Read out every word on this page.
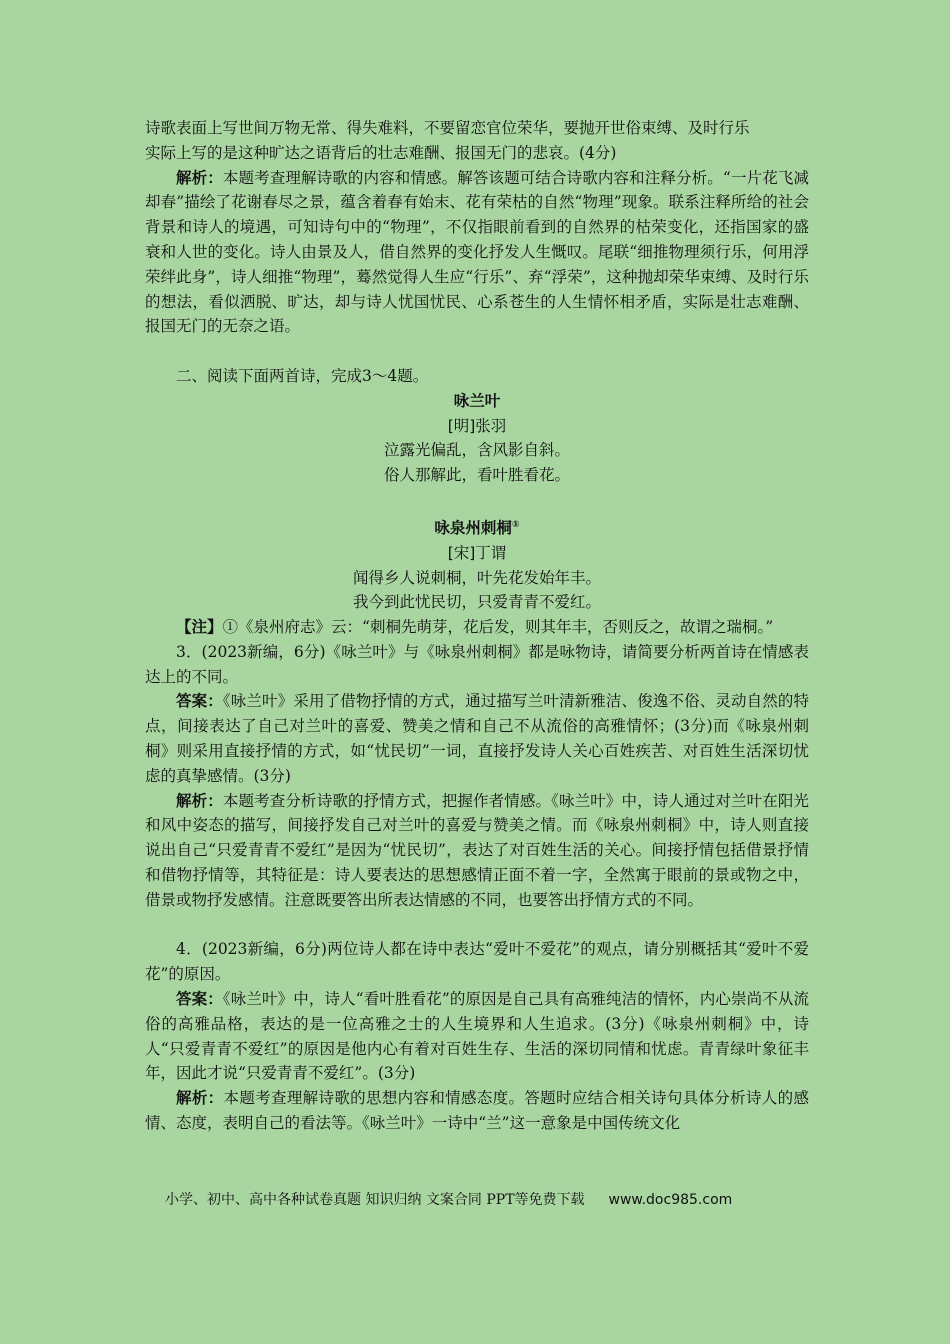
诗歌表面上写世间万物无常、得失难料，不要留恋官位荣华，要抛开世俗束缚、及时行乐

实际上写的是这种旷达之语背后的壮志难酬、报国无门的悲哀。(4分)

解析：本题考查理解诗歌的内容和情感。解答该题可结合诗歌内容和注释分析。“一片花飞减却春”描绘了花谢春尽之景，蕴含着春有始末、花有荣枯的自然“物理”现象。联系注释所给的社会背景和诗人的境遇，可知诗句中的“物理”，不仅指眼前看到的自然界的枯荣变化，还指国家的盛衰和人世的变化。诗人由景及人，借自然界的变化抒发人生慨叹。尾联“细推物理须行乐，何用浮荣绊此身”，诗人细推“物理”，蓦然觉得人生应“行乐”、弃“浮荣”，这种抛却荣华束缚、及时行乐的想法，看似洒脱、旷达，却与诗人忧国忧民、心系苍生的人生情怀相矛盾，实际是壮志难酬、报国无门的无奈之语。

二、阅读下面两首诗，完成3～4题。

咏兰叶

[明]张羽

泣露光偏乱，含风影自斜。

俗人那解此，看叶胜看花。

咏泉州刺桐①

[宋]丁谓

闻得乡人说刺桐，叶先花发始年丰。

我今到此忧民切，只爱青青不爱红。

【注】①《泉州府志》云：“刺桐先萌芽，花后发，则其年丰，否则反之，故谓之瑞桐。”

3．(2023新编，6分)《咏兰叶》与《咏泉州刺桐》都是咏物诗，请简要分析两首诗在情感表达上的不同。

答案：《咏兰叶》采用了借物抒情的方式，通过描写兰叶清新雅洁、俊逸不俗、灵动自然的特点，间接表达了自己对兰叶的喜爱、赞美之情和自己不从流俗的高雅情怀；(3分)而《咏泉州刺桐》则采用直接抒情的方式，如“忧民切”一词，直接抒发诗人关心百姓疾苦、对百姓生活深切忧虑的真挚感情。(3分)

解析：本题考查分析诗歌的抒情方式，把握作者情感。《咏兰叶》中，诗人通过对兰叶在阳光和风中姿态的描写，间接抒发自己对兰叶的喜爱与赞美之情。而《咏泉州刺桐》中，诗人则直接说出自己“只爱青青不爱红”是因为“忧民切”，表达了对百姓生活的关心。间接抒情包括借景抒情和借物抒情等，其特征是：诗人要表达的思想感情正面不着一字，全然寓于眼前的景或物之中，借景或物抒发感情。注意既要答出所表达情感的不同，也要答出抒情方式的不同。

4．(2023新编，6分)两位诗人都在诗中表达“爱叶不爱花”的观点，请分别概括其“爱叶不爱花”的原因。

答案：《咏兰叶》中，诗人“看叶胜看花”的原因是自己具有高雅纯洁的情怀，内心崇尚不从流俗的高雅品格，表达的是一位高雅之士的人生境界和人生追求。(3分)《咏泉州刺桐》中，诗人“只爱青青不爱红”的原因是他内心有着对百姓生存、生活的深切同情和忧虑。青青绿叶象征丰年，因此才说“只爱青青不爱红”。(3分)

解析：本题考查理解诗歌的思想内容和情感态度。答题时应结合相关诗句具体分析诗人的感情、态度，表明自己的看法等。《咏兰叶》一诗中“兰”这一意象是中国传统文化

小学、初中、高中各种试卷真题 知识归纳 文案合同 PPT等免费下载 www.doc985.com
